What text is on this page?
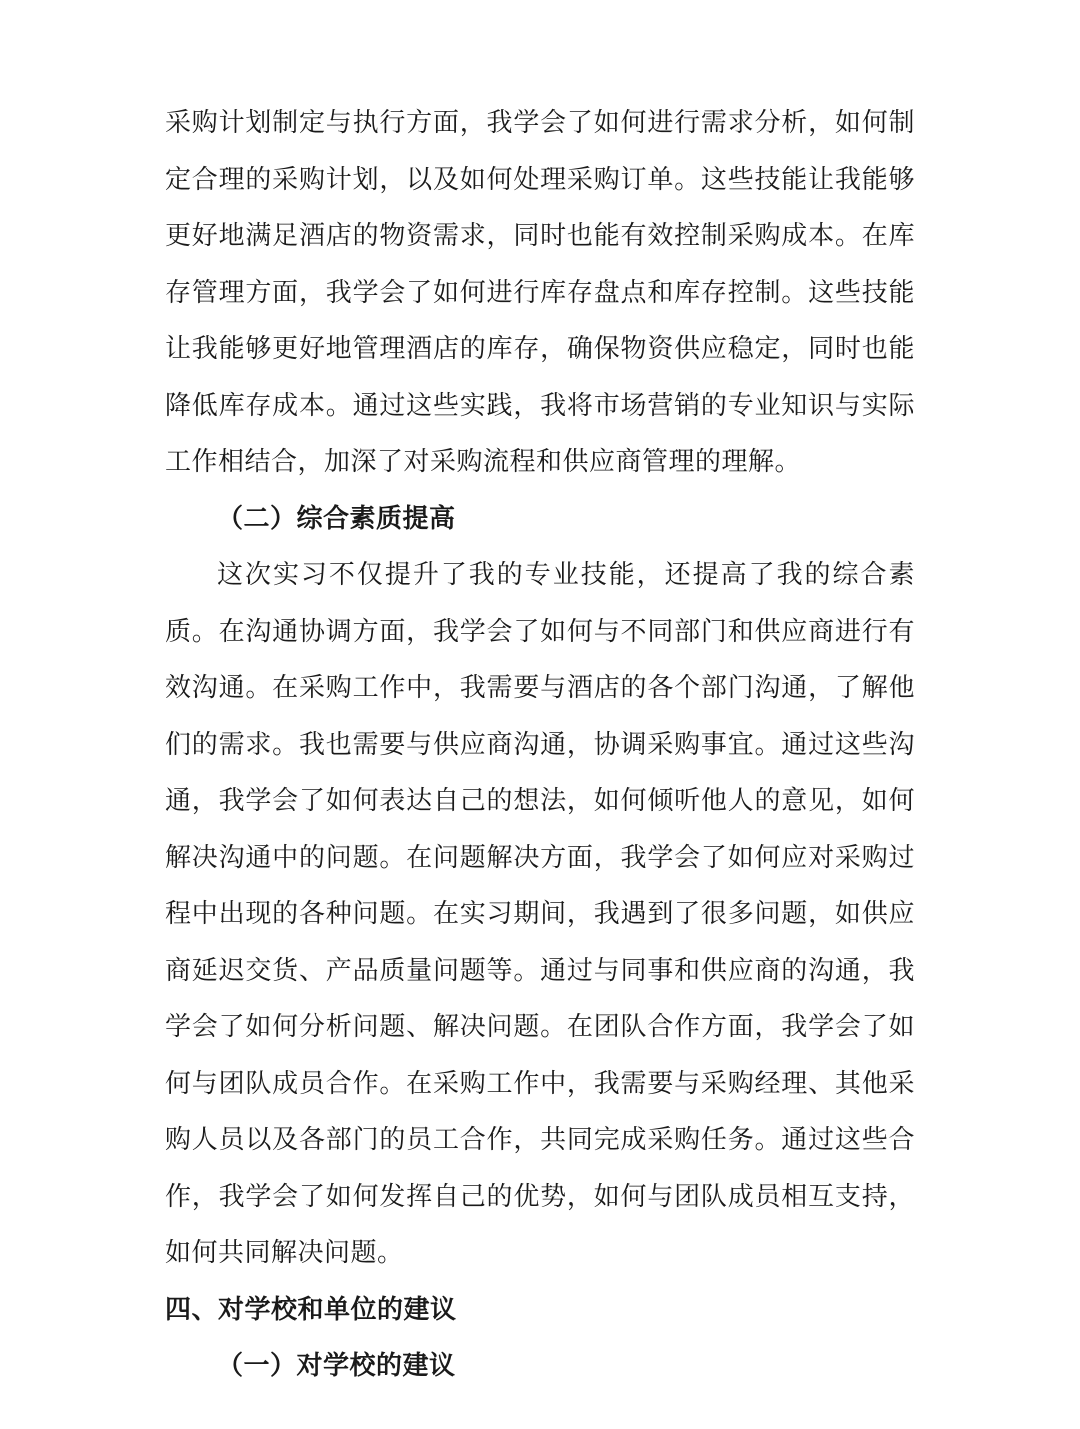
采购计划制定与执行方面，我学会了如何进行需求分析，如何制定合理的采购计划，以及如何处理采购订单。这些技能让我能够更好地满足酒店的物资需求，同时也能有效控制采购成本。在库存管理方面，我学会了如何进行库存盘点和库存控制。这些技能让我能够更好地管理酒店的库存，确保物资供应稳定，同时也能降低库存成本。通过这些实践，我将市场营销的专业知识与实际工作相结合，加深了对采购流程和供应商管理的理解。

（二）综合素质提高

这次实习不仅提升了我的专业技能，还提高了我的综合素质。在沟通协调方面，我学会了如何与不同部门和供应商进行有效沟通。在采购工作中，我需要与酒店的各个部门沟通，了解他们的需求。我也需要与供应商沟通，协调采购事宜。通过这些沟通，我学会了如何表达自己的想法，如何倾听他人的意见，如何解决沟通中的问题。在问题解决方面，我学会了如何应对采购过程中出现的各种问题。在实习期间，我遇到了很多问题，如供应商延迟交货、产品质量问题等。通过与同事和供应商的沟通，我学会了如何分析问题、解决问题。在团队合作方面，我学会了如何与团队成员合作。在采购工作中，我需要与采购经理、其他采购人员以及各部门的员工合作，共同完成采购任务。通过这些合作，我学会了如何发挥自己的优势，如何与团队成员相互支持，如何共同解决问题。

四、对学校和单位的建议

（一）对学校的建议
